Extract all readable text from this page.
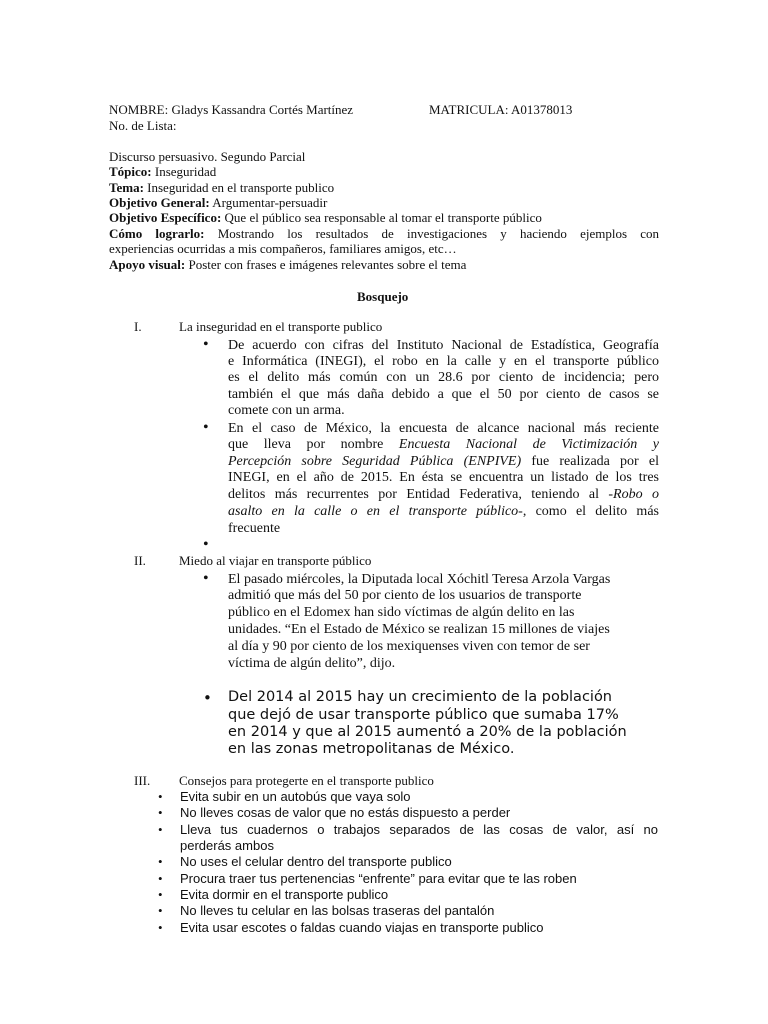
NOMBRE: Gladys Kassandra Cortés Martínez	MATRICULA: A01378013
No. de Lista:
Discurso persuasivo. Segundo Parcial
Tópico: Inseguridad
Tema: Inseguridad en el transporte publico
Objetivo General: Argumentar-persuadir
Objetivo Específico: Que el público sea responsable al tomar el transporte público
Cómo lograrlo: Mostrando los resultados de investigaciones y haciendo ejemplos con
experiencias ocurridas a mis compañeros, familiares amigos, etc…
Apoyo visual: Poster con frases e imágenes relevantes sobre el tema
Bosquejo
I.	La inseguridad en el transporte publico
• De acuerdo con cifras del Instituto Nacional de Estadística, Geografía
e Informática (INEGI), el robo en la calle y en el transporte público
es el delito más común con un 28.6 por ciento de incidencia; pero
también el que más daña debido a que el 50 por ciento de casos se
comete con un arma.
• En el caso de México, la encuesta de alcance nacional más reciente
que lleva por nombre Encuesta Nacional de Victimización y
Percepción sobre Seguridad Pública (ENPIVE) fue realizada por el
INEGI, en el año de 2015. En ésta se encuentra un listado de los tres
delitos más recurrentes por Entidad Federativa, teniendo al -Robo o
asalto en la calle o en el transporte público-, como el delito más
frecuente
•
II.	Miedo al viajar en transporte público
• El pasado miércoles, la Diputada local Xóchitl Teresa Arzola Vargas
admitió que más del 50 por ciento de los usuarios de transporte
público en el Edomex han sido víctimas de algún delito en las
unidades. “En el Estado de México se realizan 15 millones de viajes
al día y 90 por ciento de los mexiquenses viven con temor de ser
víctima de algún delito”, dijo.
• Del 2014 al 2015 hay un crecimiento de la población
que dejó de usar transporte público que sumaba 17%
en 2014 y que al 2015 aumentó a 20% de la población
en las zonas metropolitanas de México.
III. Consejos para protegerte en el transporte publico
• Evita subir en un autobús que vaya solo
• No lleves cosas de valor que no estás dispuesto a perder
• Lleva tus cuadernos o trabajos separados de las cosas de valor, así no
perderás ambos
• No uses el celular dentro del transporte publico
• Procura traer tus pertenencias “enfrente” para evitar que te las roben
• Evita dormir en el transporte publico
• No lleves tu celular en las bolsas traseras del pantalón
• Evita usar escotes o faldas cuando viajas en transporte publico
